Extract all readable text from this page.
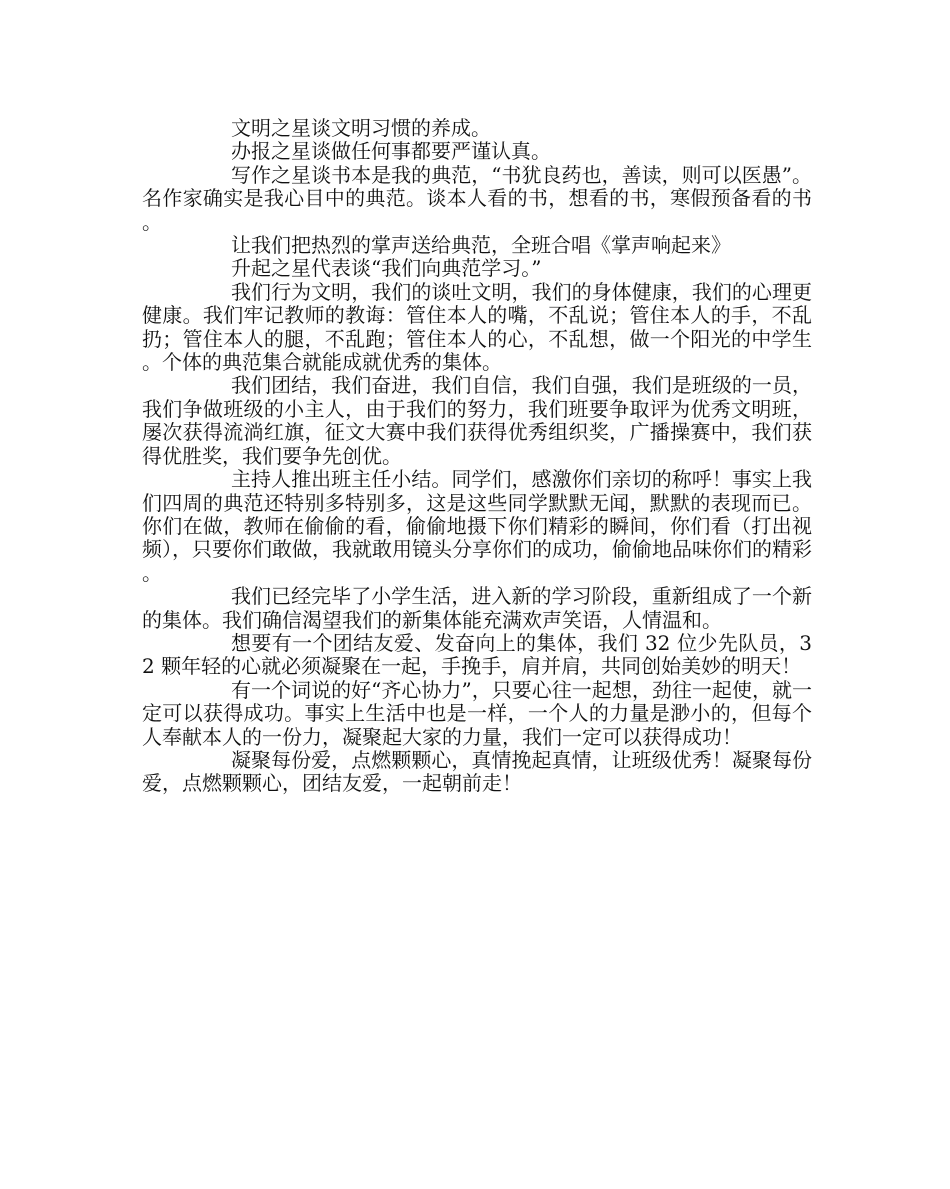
文明之星谈文明习惯的养成。

办报之星谈做任何事都要严谨认真。

写作之星谈书本是我的典范，“书犹良药也，善读，则可以医愚”。名作家确实是我心目中的典范。谈本人看的书，想看的书，寒假预备看的书。

让我们把热烈的掌声送给典范，全班合唱《掌声响起来》

升起之星代表谈“我们向典范学习。”

我们行为文明，我们的谈吐文明，我们的身体健康，我们的心理更健康。我们牢记教师的教诲：管住本人的嘴，不乱说；管住本人的手，不乱扔；管住本人的腿，不乱跑；管住本人的心，不乱想，做一个阳光的中学生。个体的典范集合就能成就优秀的集体。

我们团结，我们奋进，我们自信，我们自强，我们是班级的一员，我们争做班级的小主人，由于我们的努力，我们班要争取评为优秀文明班，屡次获得流淌红旗，征文大赛中我们获得优秀组织奖，广播操赛中，我们获得优胜奖，我们要争先创优。

主持人推出班主任小结。同学们，感激你们亲切的称呼！事实上我们四周的典范还特别多特别多，这是这些同学默默无闻，默默的表现而已。你们在做，教师在偷偷的看，偷偷地摄下你们精彩的瞬间，你们看（打出视频），只要你们敢做，我就敢用镜头分享你们的成功，偷偷地品味你们的精彩。

我们已经完毕了小学生活，进入新的学习阶段，重新组成了一个新的集体。我们确信渴望我们的新集体能充满欢声笑语，人情温和。

想要有一个团结友爱、发奋向上的集体，我们 32 位少先队员，32 颗年轻的心就必须凝聚在一起，手挽手，肩并肩，共同创始美妙的明天！

有一个词说的好“齐心协力”，只要心往一起想，劲往一起使，就一定可以获得成功。事实上生活中也是一样，一个人的力量是渺小的，但每个人奉献本人的一份力，凝聚起大家的力量，我们一定可以获得成功！

凝聚每份爱，点燃颗颗心，真情挽起真情，让班级优秀！凝聚每份爱，点燃颗颗心，团结友爱，一起朝前走！
